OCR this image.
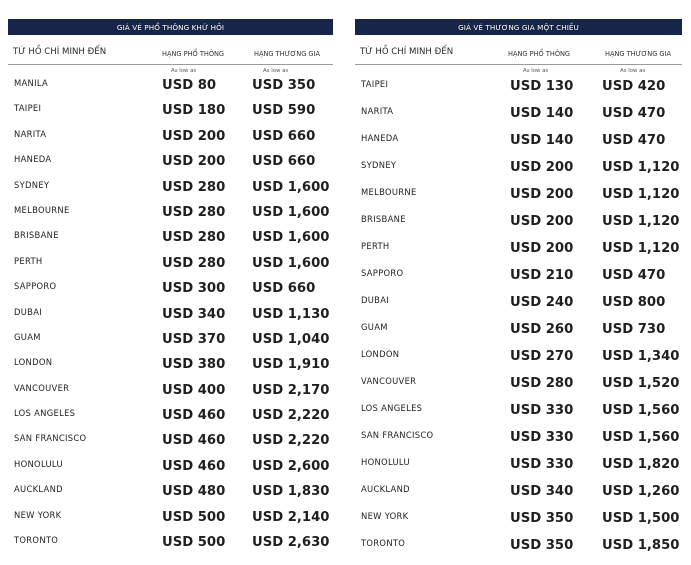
GIÁ VÉ PHỔ THÔNG KHỨ HỒI
TỪ HỒ CHÍ MINH ĐẾN	HẠNG PHỔ THÔNG	HẠNG THƯƠNG GIA
As low as	As low as
MANILA	USD 80	USD 350
TAIPEI	USD 180 USD 590
NARITA	USD 200 USD 660
HANEDA	USD 200 USD 660
SYDNEY	USD 280 USD 1,600
MELBOURNE	USD 280 USD 1,600
BRISBANE	USD 280 USD 1,600
PERTH	USD 280 USD 1,600
SAPPORO	USD 300 USD 660
DUBAI	USD 340 USD 1,130
GUAM	USD 370 USD 1,040
LONDON	USD 380 USD 1,910
VANCOUVER	USD 400 USD 2,170
LOS ANGELES	USD 460 USD 2,220
SAN FRANCISCO	USD 460 USD 2,220
HONOLULU	USD 460 USD 2,600
AUCKLAND	USD 480 USD 1,830
NEW YORK	USD 500 USD 2,140
TORONTO	USD 500 USD 2,630
GIÁ VÉ THƯƠNG GIA MỘT CHIỀU
TỪ HỒ CHÍ MINH ĐẾN	HẠNG PHỔ THÔNG	HẠNG THƯƠNG GIA
As low as	As low as
TAIPEI	USD 130 USD 420
NARITA	USD 140 USD 470
HANEDA	USD 140 USD 470
SYDNEY	USD 200 USD 1,120
MELBOURNE	USD 200 USD 1,120
BRISBANE	USD 200 USD 1,120
PERTH	USD 200 USD 1,120
SAPPORO	USD 210 USD 470
DUBAI	USD 240 USD 800
GUAM	USD 260 USD 730
LONDON	USD 270 USD 1,340
VANCOUVER	USD 280 USD 1,520
LOS ANGELES	USD 330 USD 1,560
SAN FRANCISCO	USD 330 USD 1,560
HONOLULU	USD 330 USD 1,820
AUCKLAND	USD 340 USD 1,260
NEW YORK	USD 350 USD 1,500
TORONTO	USD 350 USD 1,850
